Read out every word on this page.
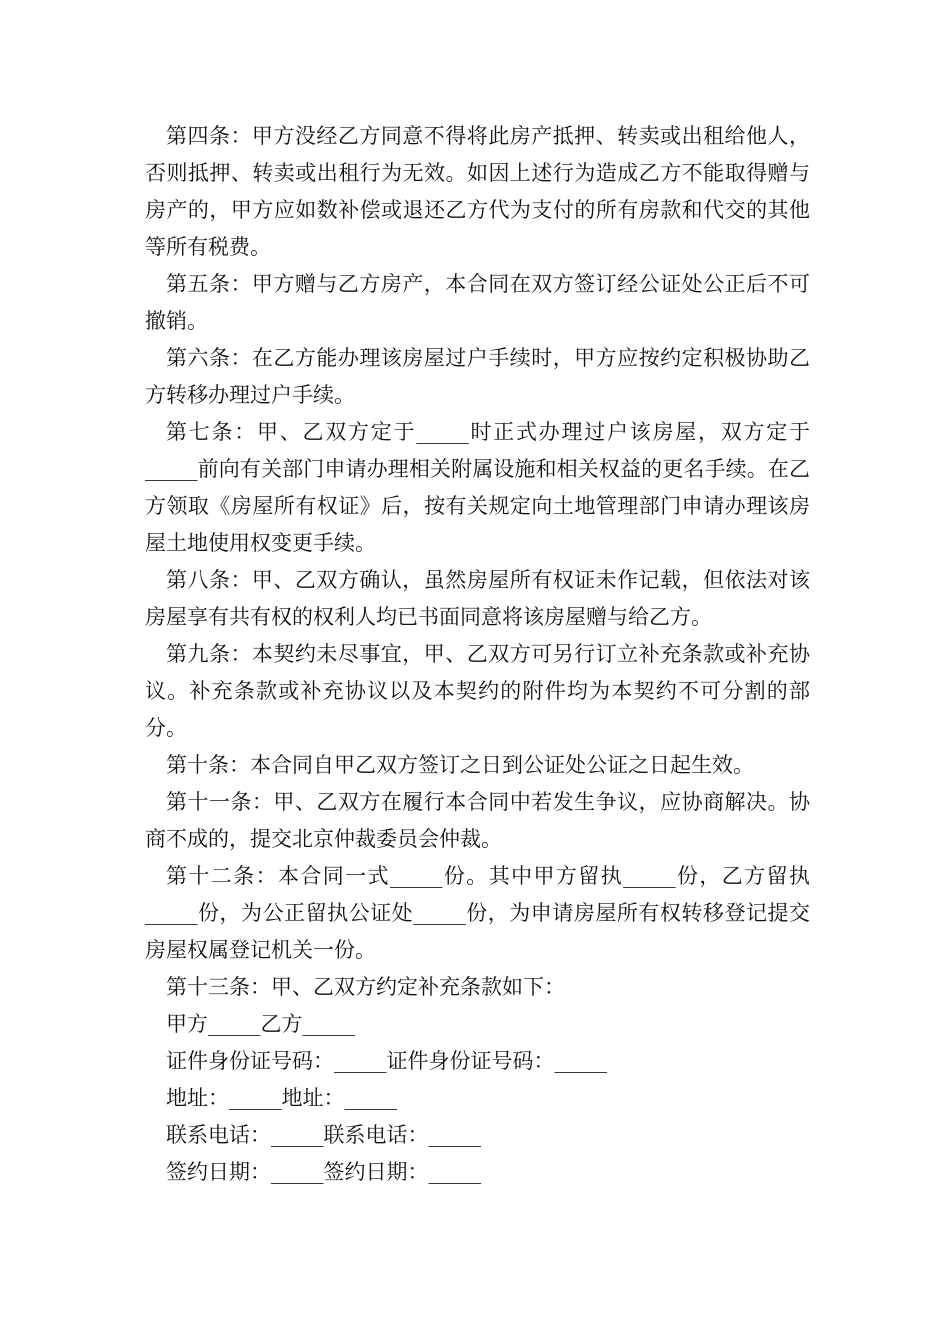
第四条：甲方没经乙方同意不得将此房产抵押、转卖或出租给他人，否则抵押、转卖或出租行为无效。如因上述行为造成乙方不能取得赠与房产的，甲方应如数补偿或退还乙方代为支付的所有房款和代交的其他等所有税费。

第五条：甲方赠与乙方房产，本合同在双方签订经公证处公正后不可撤销。

第六条：在乙方能办理该房屋过户手续时，甲方应按约定积极协助乙方转移办理过户手续。

第七条：甲、乙双方定于_____时正式办理过户该房屋，双方定于_____前向有关部门申请办理相关附属设施和相关权益的更名手续。在乙方领取《房屋所有权证》后，按有关规定向土地管理部门申请办理该房屋土地使用权变更手续。

第八条：甲、乙双方确认，虽然房屋所有权证未作记载，但依法对该房屋享有共有权的权利人均已书面同意将该房屋赠与给乙方。

第九条：本契约未尽事宜，甲、乙双方可另行订立补充条款或补充协议。补充条款或补充协议以及本契约的附件均为本契约不可分割的部分。

第十条：本合同自甲乙双方签订之日到公证处公证之日起生效。

第十一条：甲、乙双方在履行本合同中若发生争议，应协商解决。协商不成的，提交北京仲裁委员会仲裁。

第十二条：本合同一式_____份。其中甲方留执_____份，乙方留执_____份，为公正留执公证处_____份，为申请房屋所有权转移登记提交房屋权属登记机关一份。

第十三条：甲、乙双方约定补充条款如下：

甲方_____乙方_____

证件身份证号码：_____证件身份证号码：_____

地址：_____地址：_____

联系电话：_____联系电话：_____

签约日期：_____签约日期：_____
